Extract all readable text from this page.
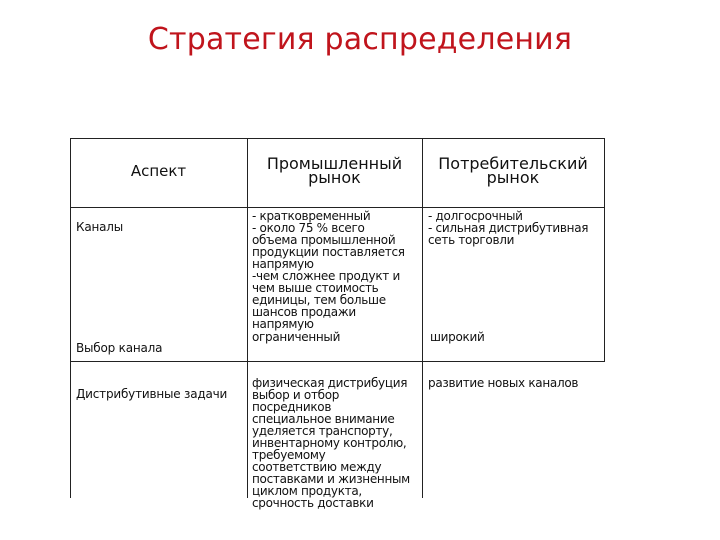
Стратегия распределения
Аспект	Промышленный
рынок
Потребительский
рынок
Каналы
- кратковременный
- около 75 % всего
объема промышленной
продукции поставляется
напрямую
-чем сложнее продукт и
чем выше стоимость
единицы, тем больше
шансов продажи
напрямую
- долгосрочный
- сильная дистрибутивная
сеть торговли
Выбор канала
ограниченный	широкий
Дистрибутивные задачи
физическая дистрибуция
выбор и отбор
посредников
специальное внимание
уделяется транспорту,
инвентарному контролю,
требуемому
соответствию между
поставками и жизненным
циклом продукта,
срочность доставки
развитие новых каналов
